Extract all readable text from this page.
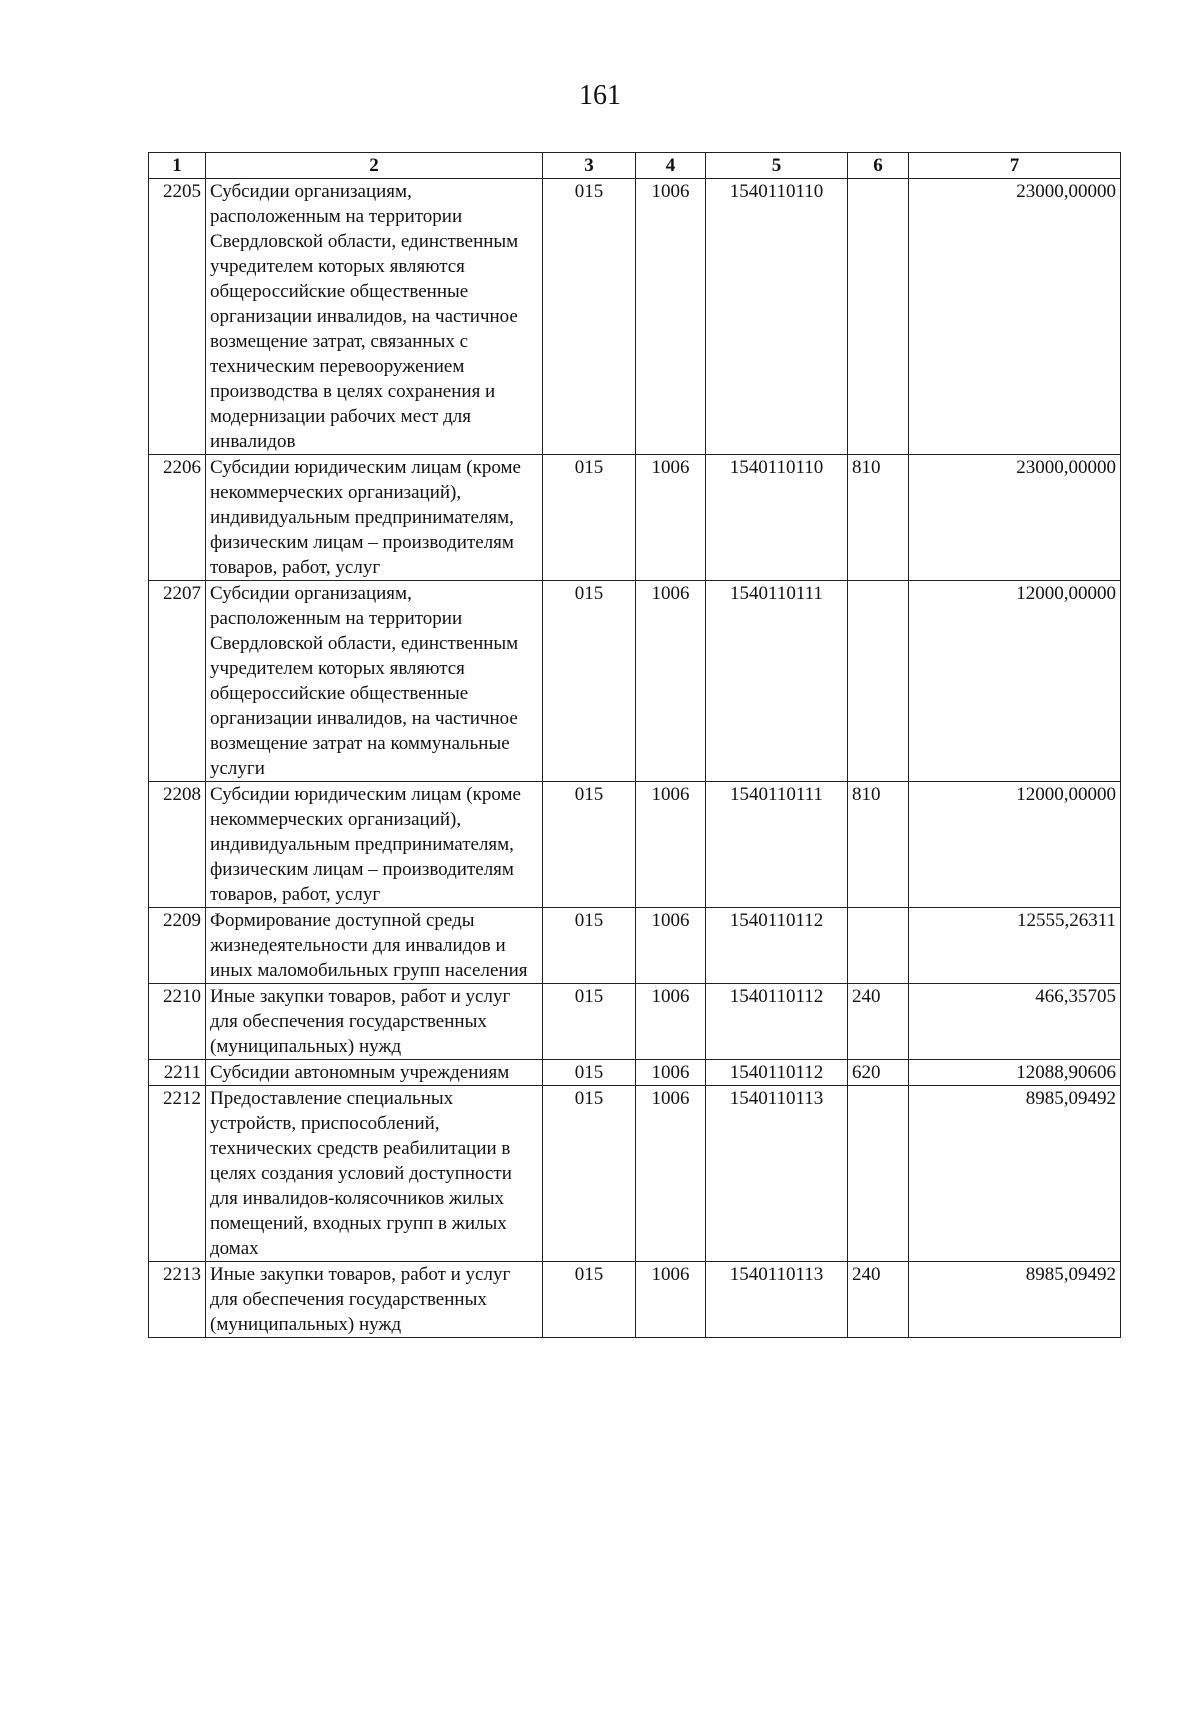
161
1	2	3	4	5	6	7
2205	Субсидии организациям, расположенным на территории Свердловской области, единственным учредителем которых являются общероссийские общественные организации инвалидов, на частичное возмещение затрат, связанных с техническим перевооружением производства в целях сохранения и модернизации рабочих мест для инвалидов	015	1006	1540110110		23000,00000
2206	Субсидии юридическим лицам (кроме некоммерческих организаций), индивидуальным предпринимателям, физическим лицам – производителям товаров, работ, услуг	015	1006	1540110110	810	23000,00000
2207	Субсидии организациям, расположенным на территории Свердловской области, единственным учредителем которых являются общероссийские общественные организации инвалидов, на частичное возмещение затрат на коммунальные услуги	015	1006	1540110111		12000,00000
2208	Субсидии юридическим лицам (кроме некоммерческих организаций), индивидуальным предпринимателям, физическим лицам – производителям товаров, работ, услуг	015	1006	1540110111	810	12000,00000
2209	Формирование доступной среды жизнедеятельности для инвалидов и иных маломобильных групп населения	015	1006	1540110112		12555,26311
2210	Иные закупки товаров, работ и услуг для обеспечения государственных (муниципальных) нужд	015	1006	1540110112	240	466,35705
2211	Субсидии автономным учреждениям	015	1006	1540110112	620	12088,90606
2212	Предоставление специальных устройств, приспособлений, технических средств реабилитации в целях создания условий доступности для инвалидов-колясочников жилых помещений, входных групп в жилых домах	015	1006	1540110113		8985,09492
2213	Иные закупки товаров, работ и услуг для обеспечения государственных (муниципальных) нужд	015	1006	1540110113	240	8985,09492
